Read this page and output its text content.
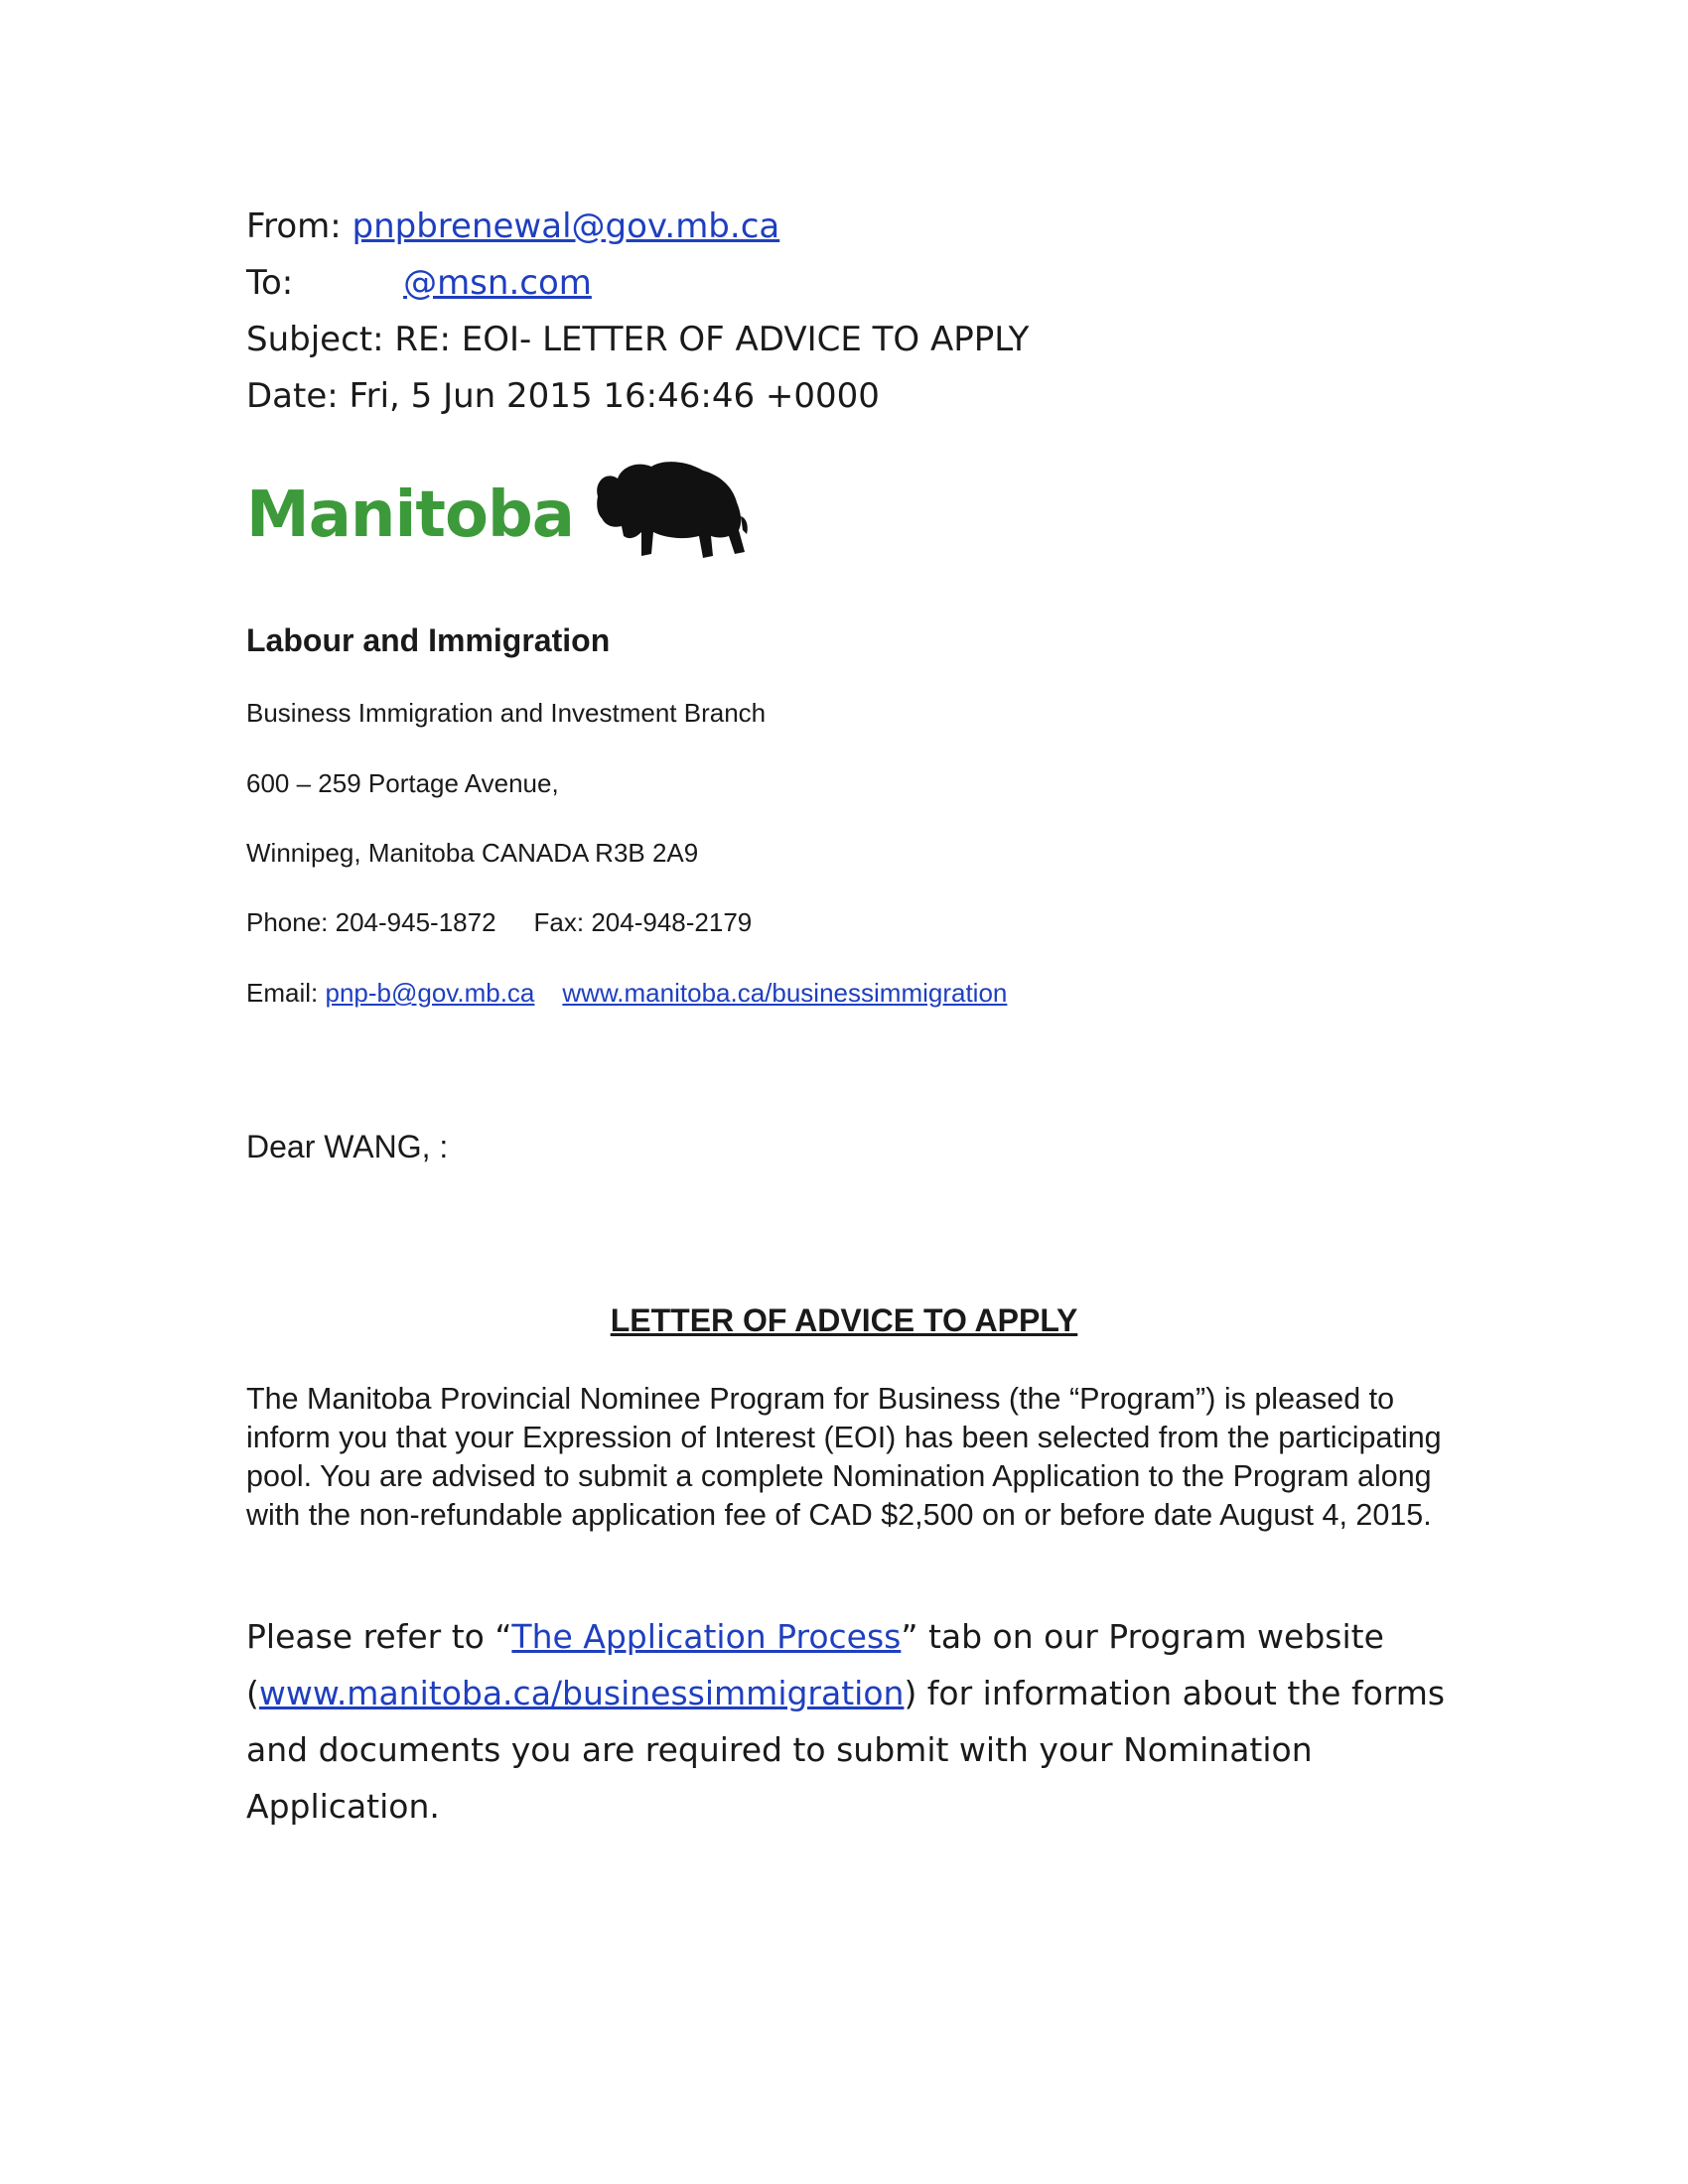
From: pnpbrenewal@gov.mb.ca
To:	@msn.com
Subject: RE: EOI- LETTER OF ADVICE TO APPLY
Date: Fri, 5 Jun 2015 16:46:46 +0000
Manitoba
Labour and Immigration
Business Immigration and Investment Branch
600 – 259 Portage Avenue,
Winnipeg, Manitoba CANADA R3B 2A9
Phone: 204-945-1872 Fax: 204-948-2179
Email: pnp-b@gov.mb.ca www.manitoba.ca/businessimmigration
Dear WANG, :
LETTER OF ADVICE TO APPLY
The Manitoba Provincial Nominee Program for Business (the “Program”) is pleased to inform you that your Expression of Interest (EOI) has been selected from the participating pool. You are advised to submit a complete Nomination Application to the Program along with the non-refundable application fee of CAD $2,500 on or before date August 4, 2015.
Please refer to “The Application Process” tab on our Program website (www.manitoba.ca/businessimmigration) for information about the forms and documents you are required to submit with your Nomination Application.
